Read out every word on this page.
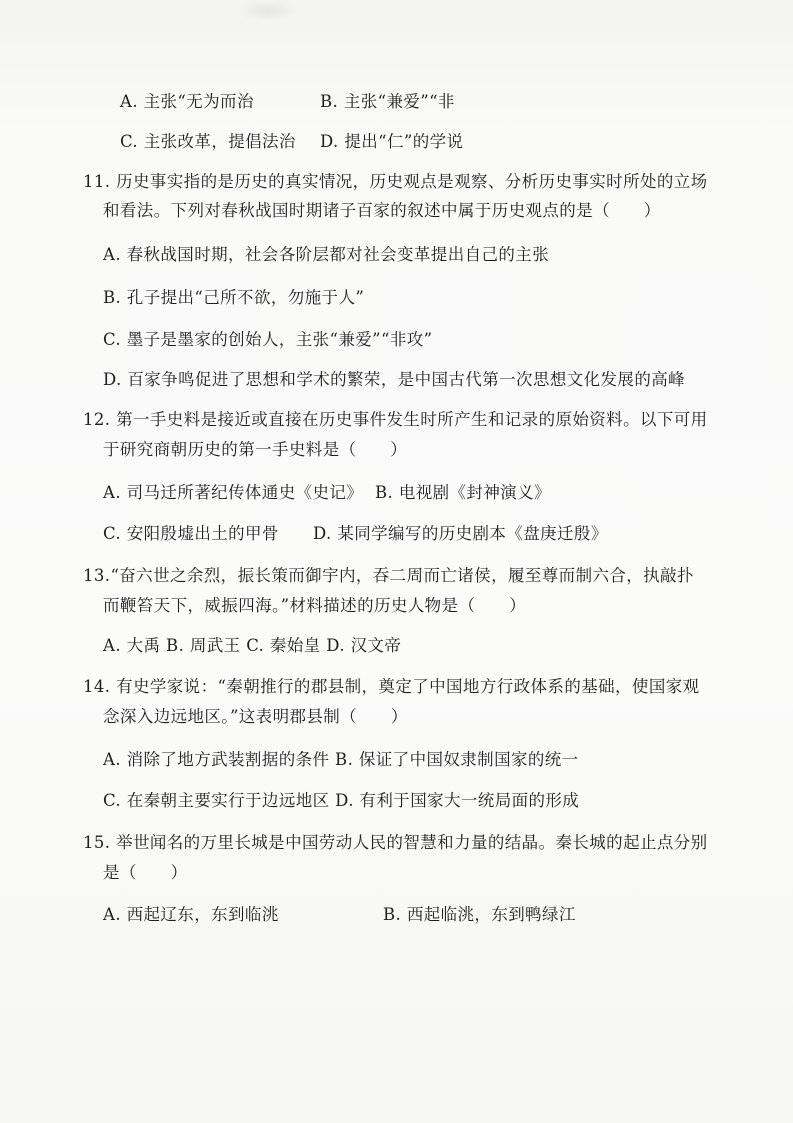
A. 主张“无为而治	B. 主张“兼爱”“非
C. 主张改革，提倡法治 D. 提出“仁”的学说
11. 历史事实指的是历史的真实情况，历史观点是观察、分析历史事实时所处的立场
和看法。下列对春秋战国时期诸子百家的叙述中属于历史观点的是（　　）
A. 春秋战国时期，社会各阶层都对社会变革提出自己的主张
B. 孔子提出“己所不欲，勿施于人”
C. 墨子是墨家的创始人，主张“兼爱”“非攻”
D. 百家争鸣促进了思想和学术的繁荣，是中国古代第一次思想文化发展的高峰
12. 第一手史料是接近或直接在历史事件发生时所产生和记录的原始资料。以下可用
于研究商朝历史的第一手史料是（　　）
A. 司马迁所著纪传体通史《史记》 B. 电视剧《封神演义》
C. 安阳殷墟出土的甲骨 D. 某同学编写的历史剧本《盘庚迁殷》
13.“奋六世之余烈，振长策而御宇内，吞二周而亡诸侯，履至尊而制六合，执敲扑
而鞭笞天下，威振四海。”材料描述的历史人物是（　　）
A. 大禹 B. 周武王 C. 秦始皇 D. 汉文帝
14. 有史学家说：“秦朝推行的郡县制，奠定了中国地方行政体系的基础，使国家观
念深入边远地区。”这表明郡县制（　　）
A. 消除了地方武装割据的条件 B. 保证了中国奴隶制国家的统一
C. 在秦朝主要实行于边远地区 D. 有利于国家大一统局面的形成
15. 举世闻名的万里长城是中国劳动人民的智慧和力量的结晶。秦长城的起止点分别
是（　　）
A. 西起辽东，东到临洮	B. 西起临洮，东到鸭绿江
